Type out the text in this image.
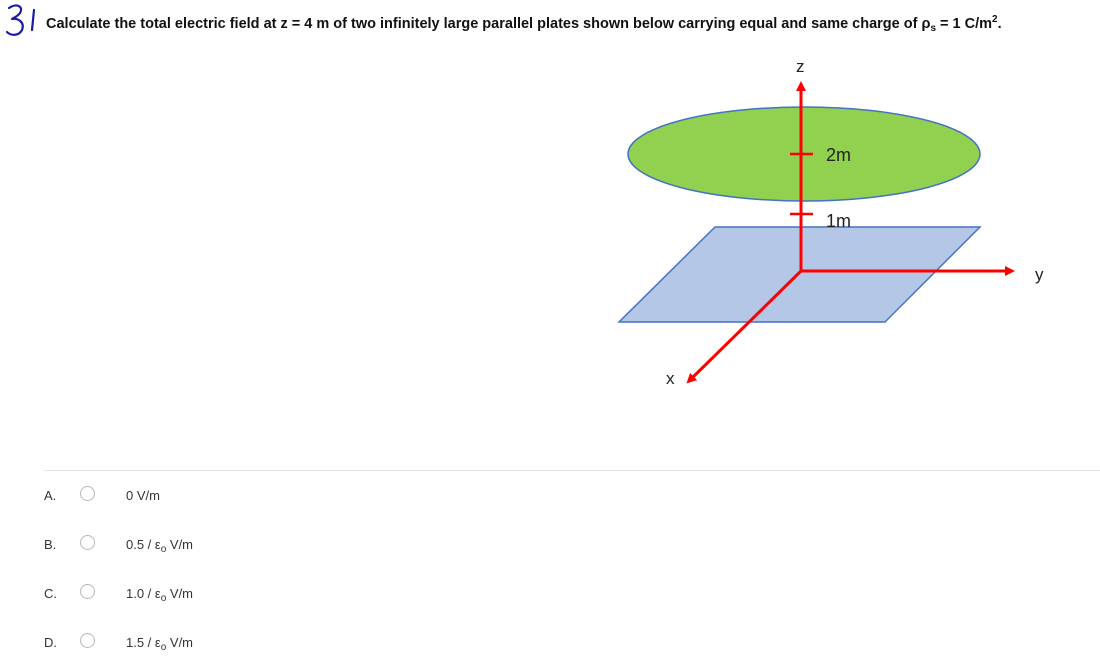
Calculate the total electric field at z = 4 m of two infinitely large parallel plates shown below carrying equal and same charge of $\rho_s = 1$ $C/m^2$.
z
y
x
2m
1m
A.	0 V/m
B.	$0.5 / \varepsilon_o$ V/m
C.	$1.0 / \varepsilon_o$ V/m
D.	$1.5 / \varepsilon_o$ V/m
